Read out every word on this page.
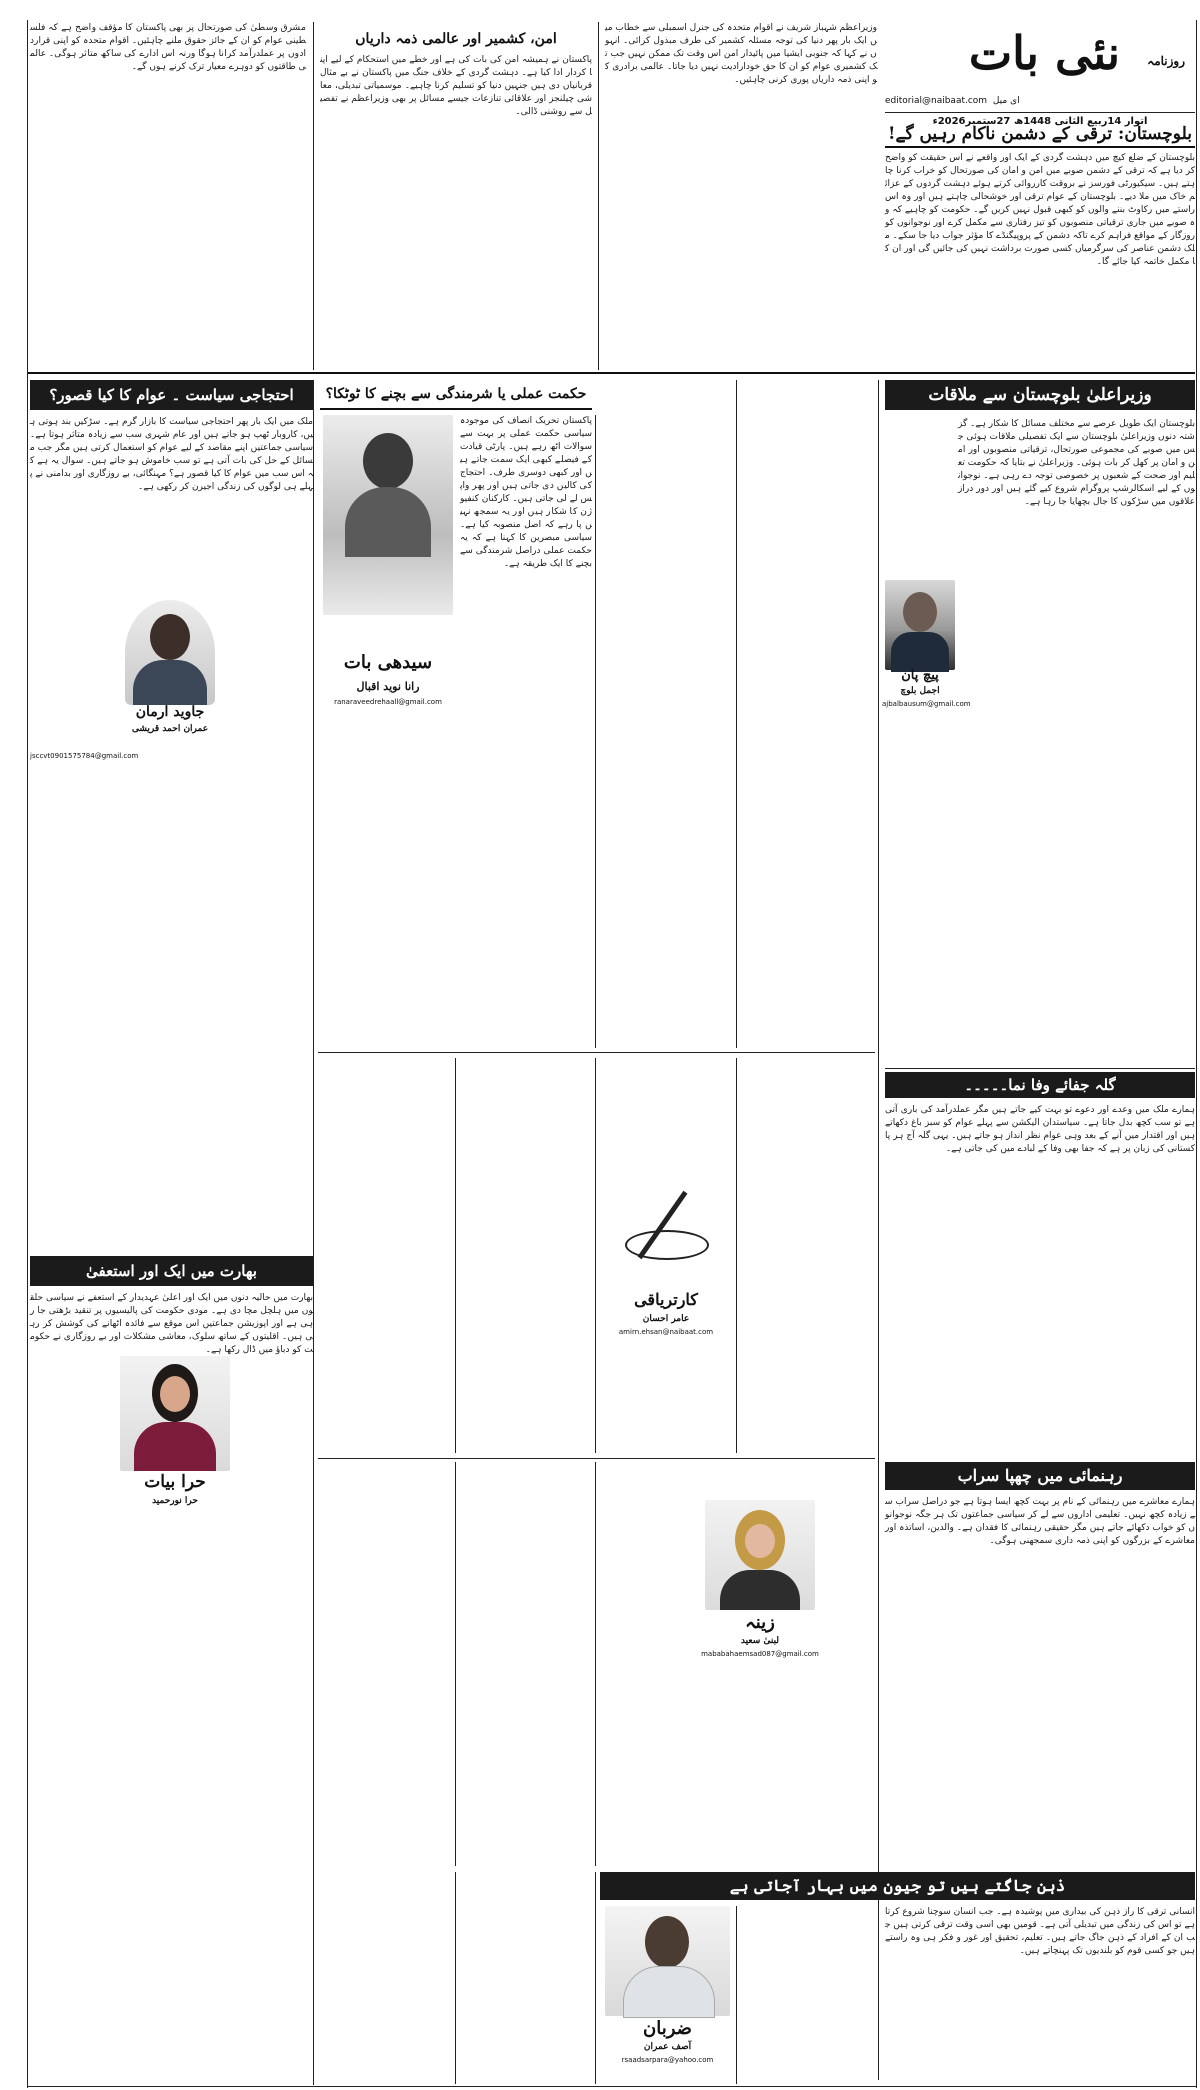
نئی بات روزنامہ
editorial@naibaat.com ای میل
اتوار 14ربیع الثانی 1448ھ 27ستمبر2026ء
بلوچستان: ترقی کے دشمن ناکام رہیں گے!
بلوچستان کے ضلع کیچ میں دہشت گردی کے ایک اور واقعے نے اس حقیقت کو واضح کر دیا ہے کہ ترقی کے دشمن صوبے میں امن و امان کی صورتحال کو خراب کرنا چاہتے ہیں۔ سیکیورٹی فورسز نے بروقت کارروائی کرتے ہوئے دہشت گردوں کے عزائم خاک میں ملا دیے۔ بلوچستان کے عوام ترقی اور خوشحالی چاہتے ہیں اور وہ اس راستے میں رکاوٹ بننے والوں کو کبھی قبول نہیں کریں گے۔ حکومت کو چاہیے کہ وہ صوبے میں جاری ترقیاتی منصوبوں کو تیز رفتاری سے مکمل کرے اور نوجوانوں کو روزگار کے مواقع فراہم کرے تاکہ دشمن کے پروپیگنڈے کا مؤثر جواب دیا جا سکے۔ ملک دشمن عناصر کی سرگرمیاں کسی صورت برداشت نہیں کی جائیں گی اور ان کا مکمل خاتمہ کیا جائے گا۔
وزیراعظم شہباز شریف نے اقوام متحدہ کی جنرل اسمبلی سے خطاب میں ایک بار پھر دنیا کی توجہ مسئلہ کشمیر کی طرف مبذول کرائی۔ انہوں نے کہا کہ جنوبی ایشیا میں پائیدار امن اس وقت تک ممکن نہیں جب تک کشمیری عوام کو ان کا حق خودارادیت نہیں دیا جاتا۔ عالمی برادری کو اپنی ذمہ داریاں پوری کرنی چاہئیں۔
امن، کشمیر اور عالمی ذمہ داریاں
پاکستان نے ہمیشہ امن کی بات کی ہے اور خطے میں استحکام کے لیے اپنا کردار ادا کیا ہے۔ دہشت گردی کے خلاف جنگ میں پاکستان نے بے مثال قربانیاں دی ہیں جنہیں دنیا کو تسلیم کرنا چاہیے۔ موسمیاتی تبدیلی، معاشی چیلنجز اور علاقائی تنازعات جیسے مسائل پر بھی وزیراعظم نے تفصیل سے روشنی ڈالی۔
مشرق وسطیٰ کی صورتحال پر بھی پاکستان کا مؤقف واضح ہے کہ فلسطینی عوام کو ان کے جائز حقوق ملنے چاہئیں۔ اقوام متحدہ کو اپنی قراردادوں پر عملدرآمد کرانا ہوگا ورنہ اس ادارے کی ساکھ متاثر ہوگی۔ عالمی طاقتوں کو دوہرے معیار ترک کرنے ہوں گے۔
وزیراعلیٰ بلوچستان سے ملاقات
بلوچستان ایک طویل عرصے سے مختلف مسائل کا شکار ہے۔ گزشتہ دنوں وزیراعلیٰ بلوچستان سے ایک تفصیلی ملاقات ہوئی جس میں صوبے کی مجموعی صورتحال، ترقیاتی منصوبوں اور امن و امان پر کھل کر بات ہوئی۔ وزیراعلیٰ نے بتایا کہ حکومت تعلیم اور صحت کے شعبوں پر خصوصی توجہ دے رہی ہے۔ نوجوانوں کے لیے اسکالرشپ پروگرام شروع کیے گئے ہیں اور دور دراز علاقوں میں سڑکوں کا جال بچھایا جا رہا ہے۔
پیچ پان
اجمل بلوچ
ajbalbausum@gmail.com
گلہ جفائے وفا نما۔۔۔۔۔
ہمارے ملک میں وعدے اور دعوے تو بہت کیے جاتے ہیں مگر عملدرآمد کی باری آتی ہے تو سب کچھ بدل جاتا ہے۔ سیاستدان الیکشن سے پہلے عوام کو سبز باغ دکھاتے ہیں اور اقتدار میں آنے کے بعد وہی عوام نظر انداز ہو جاتے ہیں۔ یہی گلہ آج ہر پاکستانی کی زبان پر ہے کہ جفا بھی وفا کے لبادے میں کی جاتی ہے۔
رہنمائی میں چھپا سراب
ہمارے معاشرے میں رہنمائی کے نام پر بہت کچھ ایسا ہوتا ہے جو دراصل سراب سے زیادہ کچھ نہیں۔ تعلیمی اداروں سے لے کر سیاسی جماعتوں تک ہر جگہ نوجوانوں کو خواب دکھائے جاتے ہیں مگر حقیقی رہنمائی کا فقدان ہے۔ والدین، اساتذہ اور معاشرے کے بزرگوں کو اپنی ذمہ داری سمجھنی ہوگی۔
حکمت عملی یا شرمندگی سے بچنے کا ٹوٹکا؟
پاکستان تحریک انصاف کی موجودہ سیاسی حکمت عملی پر بہت سے سوالات اٹھ رہے ہیں۔ پارٹی قیادت کے فیصلے کبھی ایک سمت جاتے ہیں اور کبھی دوسری طرف۔ احتجاج کی کالیں دی جاتی ہیں اور پھر واپس لے لی جاتی ہیں۔ کارکنان کنفیوژن کا شکار ہیں اور یہ سمجھ نہیں پا رہے کہ اصل منصوبہ کیا ہے۔ سیاسی مبصرین کا کہنا ہے کہ یہ حکمت عملی دراصل شرمندگی سے بچنے کا ایک طریقہ ہے۔
سیدھی بات
رانا نوید اقبال
ranaraveedrehaall@gmail.com
کارتریاقی
عامر احسان
amirn.ehsan@naibaat.com
زینہ
لبنیٰ سعید
mababahaemsad087@gmail.com
ذہن جاگتے ہیں تو جیون میں بہار آجاتی ہے
انسانی ترقی کا راز ذہن کی بیداری میں پوشیدہ ہے۔ جب انسان سوچنا شروع کرتا ہے تو اس کی زندگی میں تبدیلی آتی ہے۔ قومیں بھی اسی وقت ترقی کرتی ہیں جب ان کے افراد کے ذہن جاگ جاتے ہیں۔ تعلیم، تحقیق اور غور و فکر ہی وہ راستے ہیں جو کسی قوم کو بلندیوں تک پہنچاتے ہیں۔
ضربان
آصف عمران
rsaadsarpara@yahoo.com
احتجاجی سیاست ۔ عوام کا کیا قصور؟
ملک میں ایک بار پھر احتجاجی سیاست کا بازار گرم ہے۔ سڑکیں بند ہوتی ہیں، کاروبار ٹھپ ہو جاتے ہیں اور عام شہری سب سے زیادہ متاثر ہوتا ہے۔ سیاسی جماعتیں اپنے مقاصد کے لیے عوام کو استعمال کرتی ہیں مگر جب مسائل کے حل کی بات آتی ہے تو سب خاموش ہو جاتے ہیں۔ سوال یہ ہے کہ اس سب میں عوام کا کیا قصور ہے؟ مہنگائی، بے روزگاری اور بدامنی نے پہلے ہی لوگوں کی زندگی اجیرن کر رکھی ہے۔
جاوید ارمان
عمران احمد قریشی
jsccvt0901575784@gmail.com
بھارت میں ایک اور استعفیٰ
بھارت میں حالیہ دنوں میں ایک اور اعلیٰ عہدیدار کے استعفے نے سیاسی حلقوں میں ہلچل مچا دی ہے۔ مودی حکومت کی پالیسیوں پر تنقید بڑھتی جا رہی ہے اور اپوزیشن جماعتیں اس موقع سے فائدہ اٹھانے کی کوشش کر رہی ہیں۔ اقلیتوں کے ساتھ سلوک، معاشی مشکلات اور بے روزگاری نے حکومت کو دباؤ میں ڈال رکھا ہے۔
حرا بیات
حرا نورحمید
